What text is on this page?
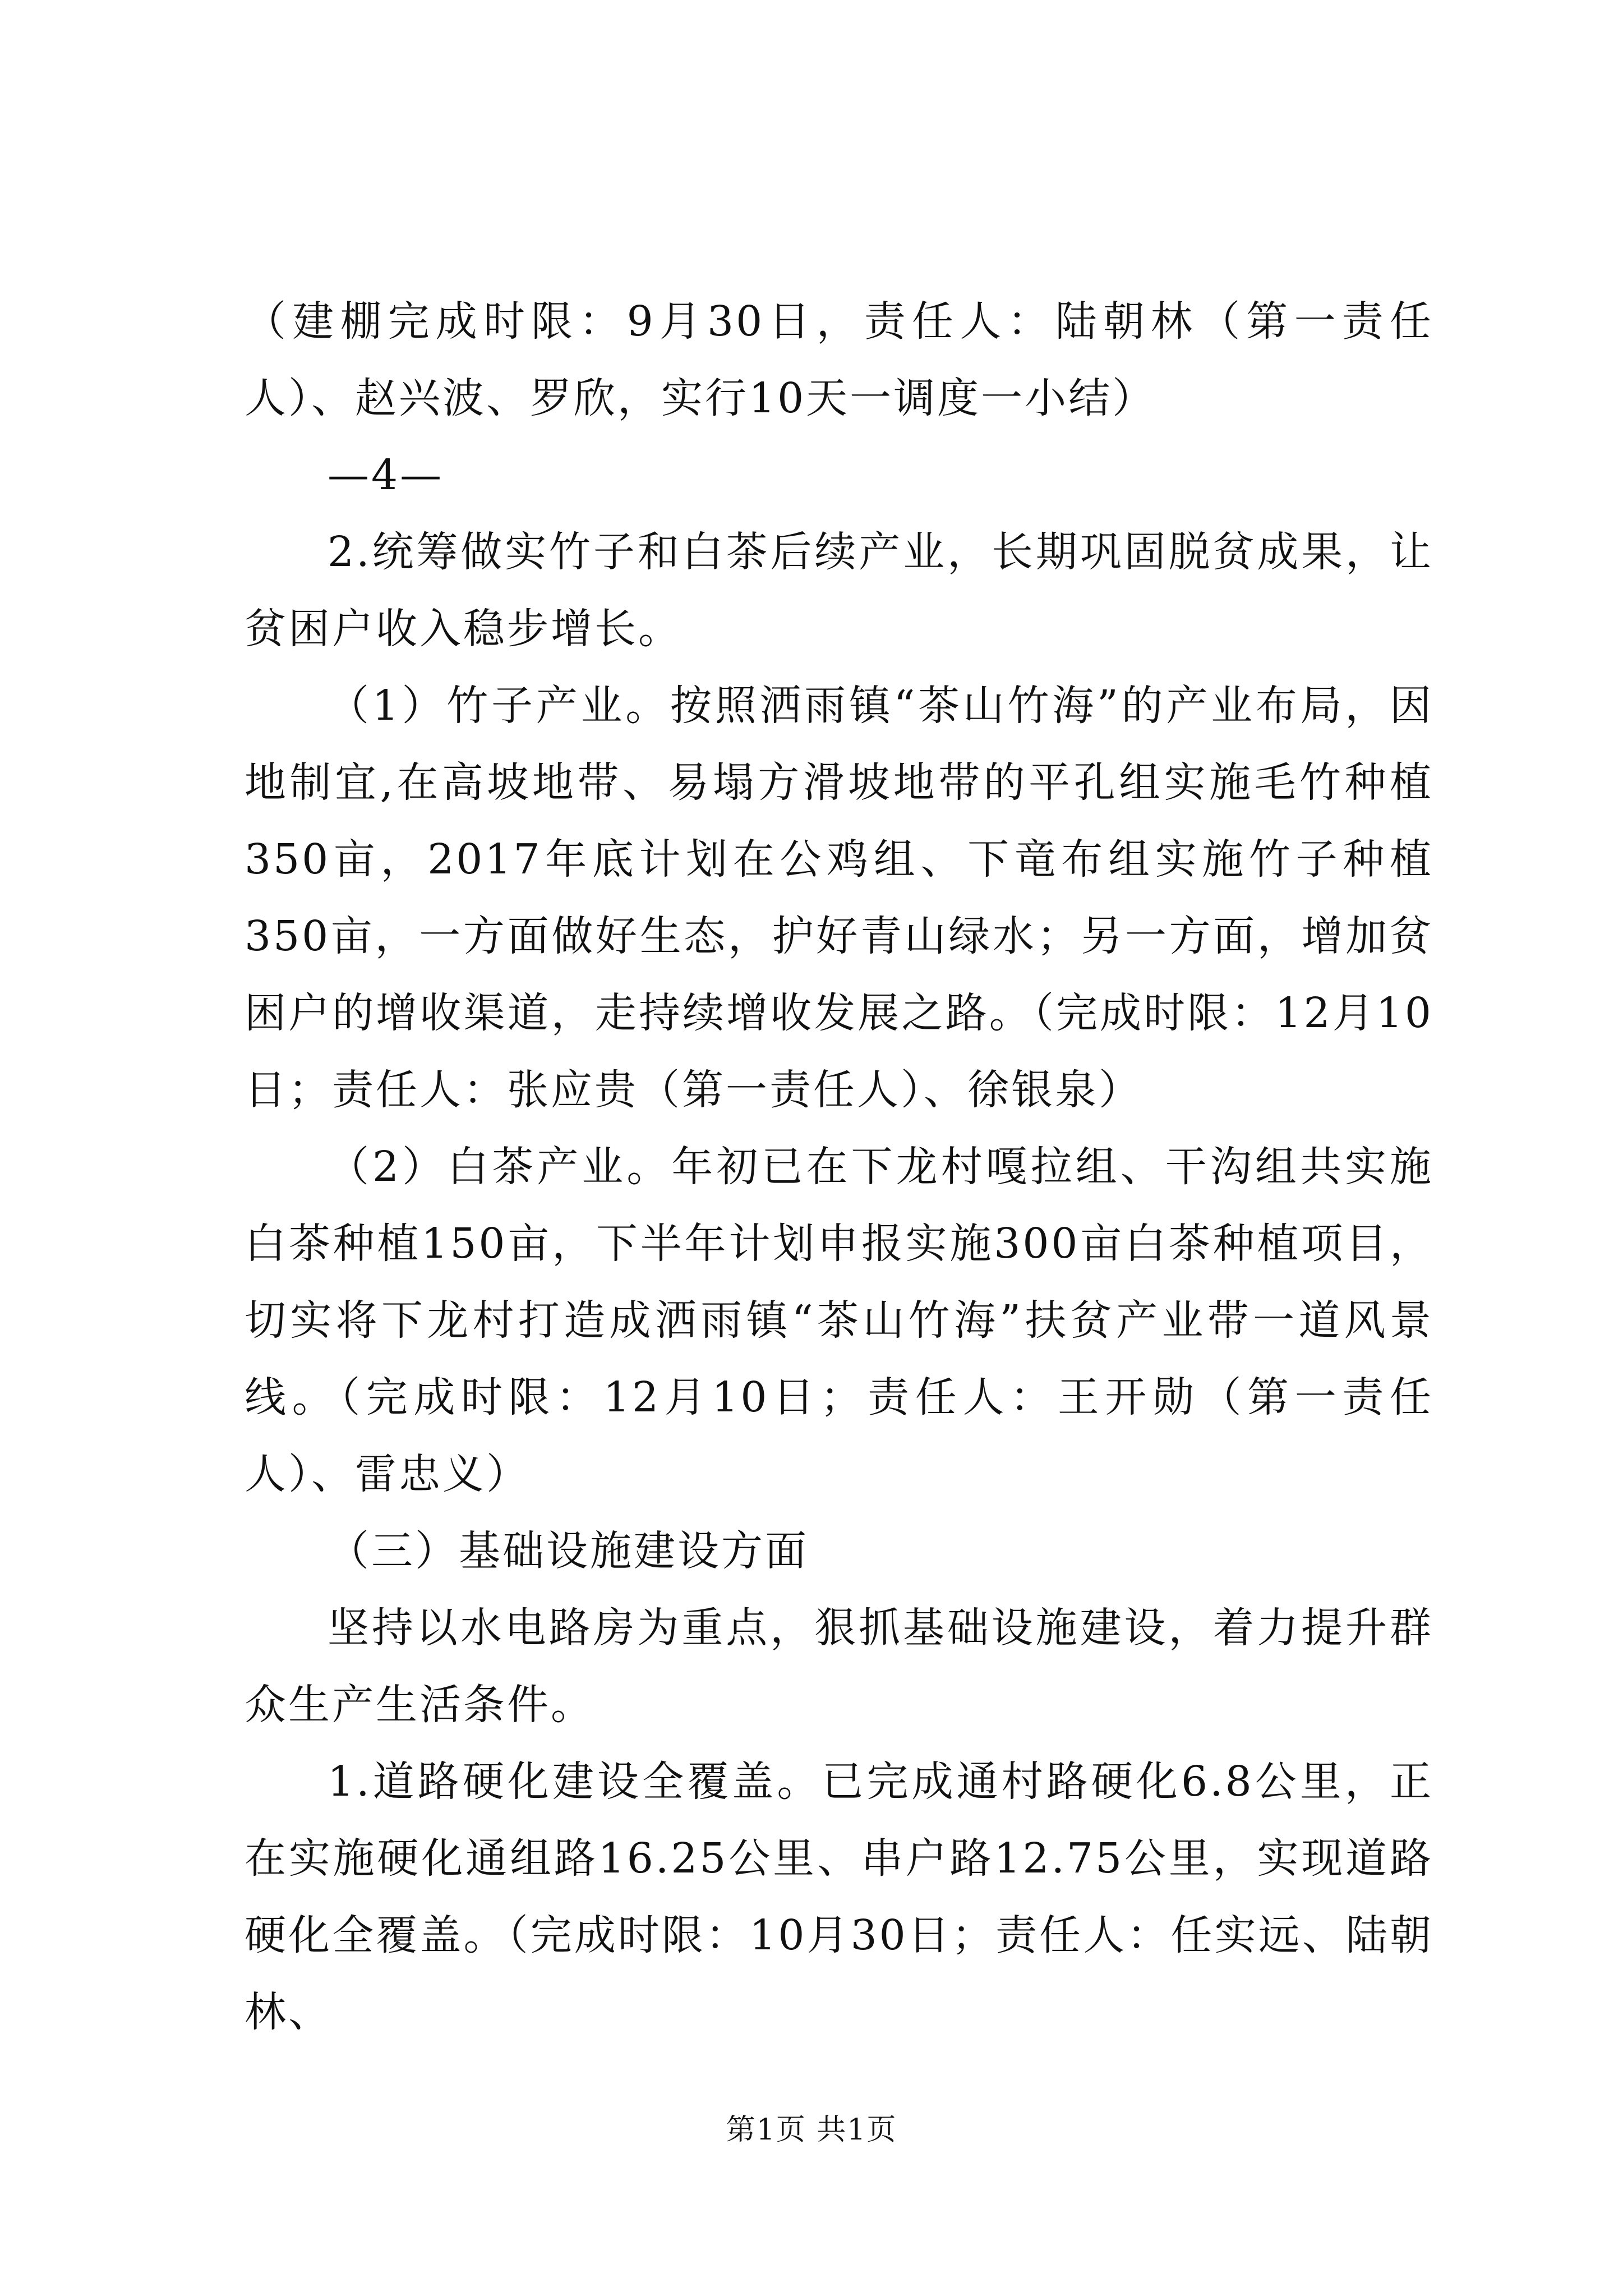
（建棚完成时限：9月30日，责任人：陆朝林（第一责任人）、赵兴波、罗欣，实行10天一调度一小结）

—4—

2.统筹做实竹子和白茶后续产业，长期巩固脱贫成果，让贫困户收入稳步增长。

（1）竹子产业。按照洒雨镇“茶山竹海”的产业布局，因地制宜,在高坡地带、易塌方滑坡地带的平孔组实施毛竹种植350亩，2017年底计划在公鸡组、下竜布组实施竹子种植350亩，一方面做好生态，护好青山绿水；另一方面，增加贫困户的增收渠道，走持续增收发展之路。（完成时限：12月10日；责任人：张应贵（第一责任人）、徐银泉）

（2）白茶产业。年初已在下龙村嘎拉组、干沟组共实施白茶种植150亩，下半年计划申报实施300亩白茶种植项目，切实将下龙村打造成洒雨镇“茶山竹海”扶贫产业带一道风景线。（完成时限：12月10日；责任人：王开勋（第一责任人）、雷忠义）

（三）基础设施建设方面

坚持以水电路房为重点，狠抓基础设施建设，着力提升群众生产生活条件。

1.道路硬化建设全覆盖。已完成通村路硬化6.8公里，正在实施硬化通组路16.25公里、串户路12.75公里，实现道路硬化全覆盖。（完成时限：10月30日；责任人：任实远、陆朝林、

第1页 共1页
